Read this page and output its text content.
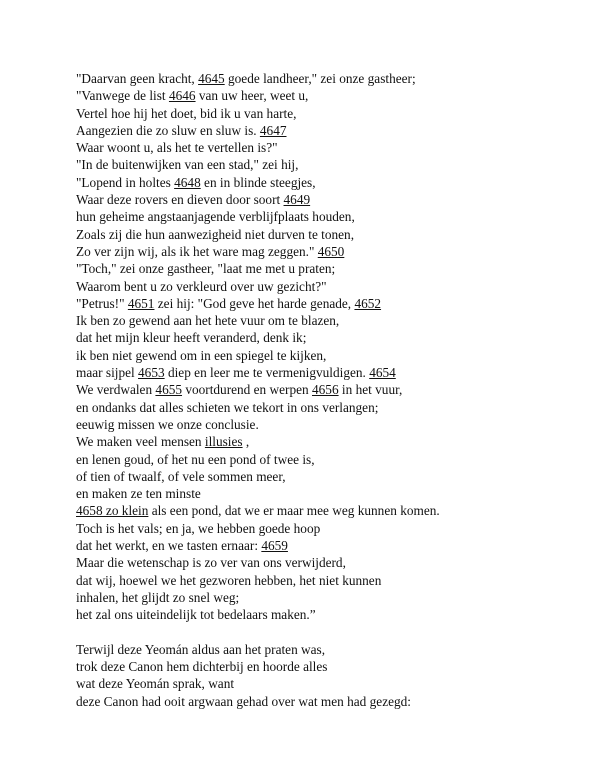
"Daarvan geen kracht, 4645 goede landheer," zei onze gastheer;
"Vanwege de list 4646 van uw heer, weet u,
Vertel hoe hij het doet, bid ik u van harte,
Aangezien die zo sluw en sluw is. 4647
Waar woont u, als het te vertellen is?"
"In de buitenwijken van een stad," zei hij,
"Lopend in holtes 4648 en in blinde steegjes,
Waar deze rovers en dieven door soort 4649
hun geheime angstaanjagende verblijfplaats houden,
Zoals zij die hun aanwezigheid niet durven te tonen,
Zo ver zijn wij, als ik het ware mag zeggen." 4650
"Toch," zei onze gastheer, "laat me met u praten;
Waarom bent u zo verkleurd over uw gezicht?"
"Petrus!" 4651 zei hij: "God geve het harde genade, 4652
Ik ben zo gewend aan het hete vuur om te blazen,
dat het mijn kleur heeft veranderd, denk ik;
ik ben niet gewend om in een spiegel te kijken,
maar sijpel 4653 diep en leer me te vermenigvuldigen. 4654
We verdwalen 4655 voortdurend en werpen 4656 in het vuur,
en ondanks dat alles schieten we tekort in ons verlangen;
eeuwig missen we onze conclusie.
We maken veel mensen illusies ,
en lenen goud, of het nu een pond of twee is,
of tien of twaalf, of vele sommen meer,
en maken ze ten minste
4658 zo klein als een pond, dat we er maar mee weg kunnen komen.
Toch is het vals; en ja, we hebben goede hoop
dat het werkt, en we tasten ernaar: 4659
Maar die wetenschap is zo ver van ons verwijderd,
dat wij, hoewel we het gezworen hebben, het niet kunnen
inhalen, het glijdt zo snel weg;
het zal ons uiteindelijk tot bedelaars maken.”
Terwijl deze Yeomán aldus aan het praten was,
trok deze Canon hem dichterbij en hoorde alles
wat deze Yeomán sprak, want
deze Canon had ooit argwaan gehad over wat men had gezegd:
